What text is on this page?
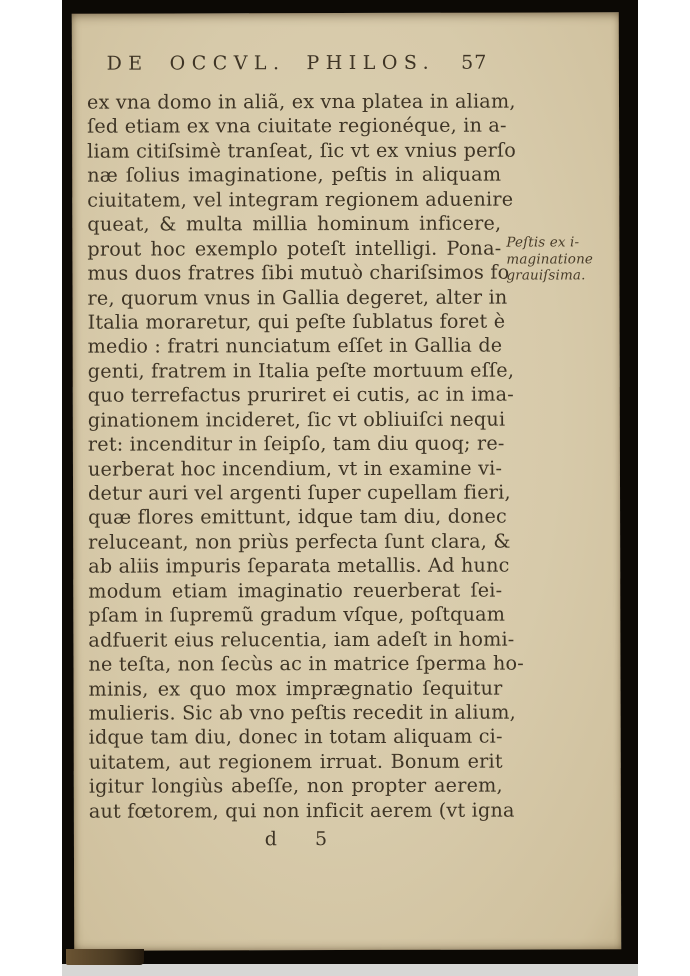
DE OCCVL. PHILOS. 57
ex vna domo in aliã, ex vna platea in aliam,
ſed etiam ex vna ciuitate regionéque, in a-
liam citiſsimè tranſeat, ſic vt ex vnius perſo
næ ſolius imaginatione, peſtis in aliquam
ciuitatem, vel integram regionem aduenire
queat, & multa millia hominum inficere,
prout hoc exemplo poteſt intelligi. Pona-
mus duos fratres ſibi mutuò chariſsimos fo
re, quorum vnus in Gallia degeret, alter in
Italia moraretur, qui peſte ſublatus foret è
medio : fratri nunciatum eſſet in Gallia de
genti, fratrem in Italia peſte mortuum eſſe,
quo terrefactus pruriret ei cutis, ac in ima-
ginationem incideret, ſic vt obliuiſci nequi
ret: incenditur in ſeipſo, tam diu quoq; re-
uerberat hoc incendium, vt in examine vi-
detur auri vel argenti ſuper cupellam fieri,
quæ flores emittunt, idque tam diu, donec
reluceant, non priùs perfecta ſunt clara, &
ab aliis impuris ſeparata metallis. Ad hunc
modum etiam imaginatio reuerberat ſei-
pſam in ſupremũ gradum vſque, poſtquam
adfuerit eius relucentia, iam adeſt in homi-
ne teſta, non ſecùs ac in matrice ſperma ho-
minis, ex quo mox imprægnatio ſequitur
mulieris. Sic ab vno peſtis recedit in alium,
idque tam diu, donec in totam aliquam ci-
uitatem, aut regionem irruat. Bonum erit
igitur longiùs abeſſe, non propter aerem,
aut fœtorem, qui non inficit aerem (vt igna
Peſtis ex i-
maginatione
grauiſsima.
d 5
